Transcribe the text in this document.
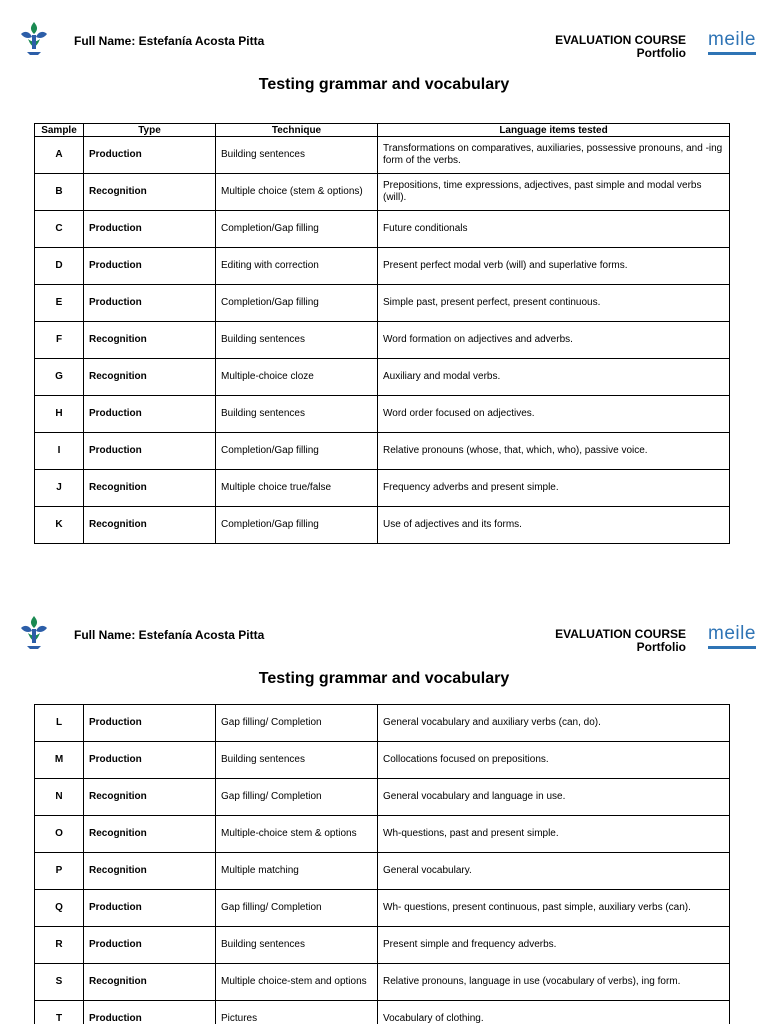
Full Name: Estefanía Acosta Pitta	EVALUATION COURSE
Portfolio
meile
Testing grammar and vocabulary
Sample	Type	Technique	Language items tested
A	Production	Building sentences	Transformations on comparatives, auxiliaries, possessive pronouns, and -ing form of the verbs.
B	Recognition	Multiple choice (stem & options)	Prepositions, time expressions, adjectives, past simple and modal verbs (will).
C	Production	Completion/Gap filling	Future conditionals
D	Production	Editing with correction	Present perfect modal verb (will) and superlative forms.
E	Production	Completion/Gap filling	Simple past, present perfect, present continuous.
F	Recognition	Building sentences	Word formation on adjectives and adverbs.
G	Recognition	Multiple-choice cloze	Auxiliary and modal verbs.
H	Production	Building sentences	Word order focused on adjectives.
I	Production	Completion/Gap filling	Relative pronouns (whose, that, which, who), passive voice.
J	Recognition	Multiple choice true/false	Frequency adverbs and present simple.
K	Recognition	Completion/Gap filling	Use of adjectives and its forms.
Full Name: Estefanía Acosta Pitta	EVALUATION COURSE
Portfolio
meile
Testing grammar and vocabulary
L	Production	Gap filling/ Completion	General vocabulary and auxiliary verbs (can, do).
M	Production	Building sentences	Collocations focused on prepositions.
N	Recognition	Gap filling/ Completion	General vocabulary and language in use.
O	Recognition	Multiple-choice stem & options	Wh-questions, past and present simple.
P	Recognition	Multiple matching	General vocabulary.
Q	Production	Gap filling/ Completion	Wh- questions, present continuous, past simple, auxiliary verbs (can).
R	Production	Building sentences	Present simple and frequency adverbs.
S	Recognition	Multiple choice-stem and options	Relative pronouns, language in use (vocabulary of verbs), ing form.
T	Production	Pictures	Vocabulary of clothing.
